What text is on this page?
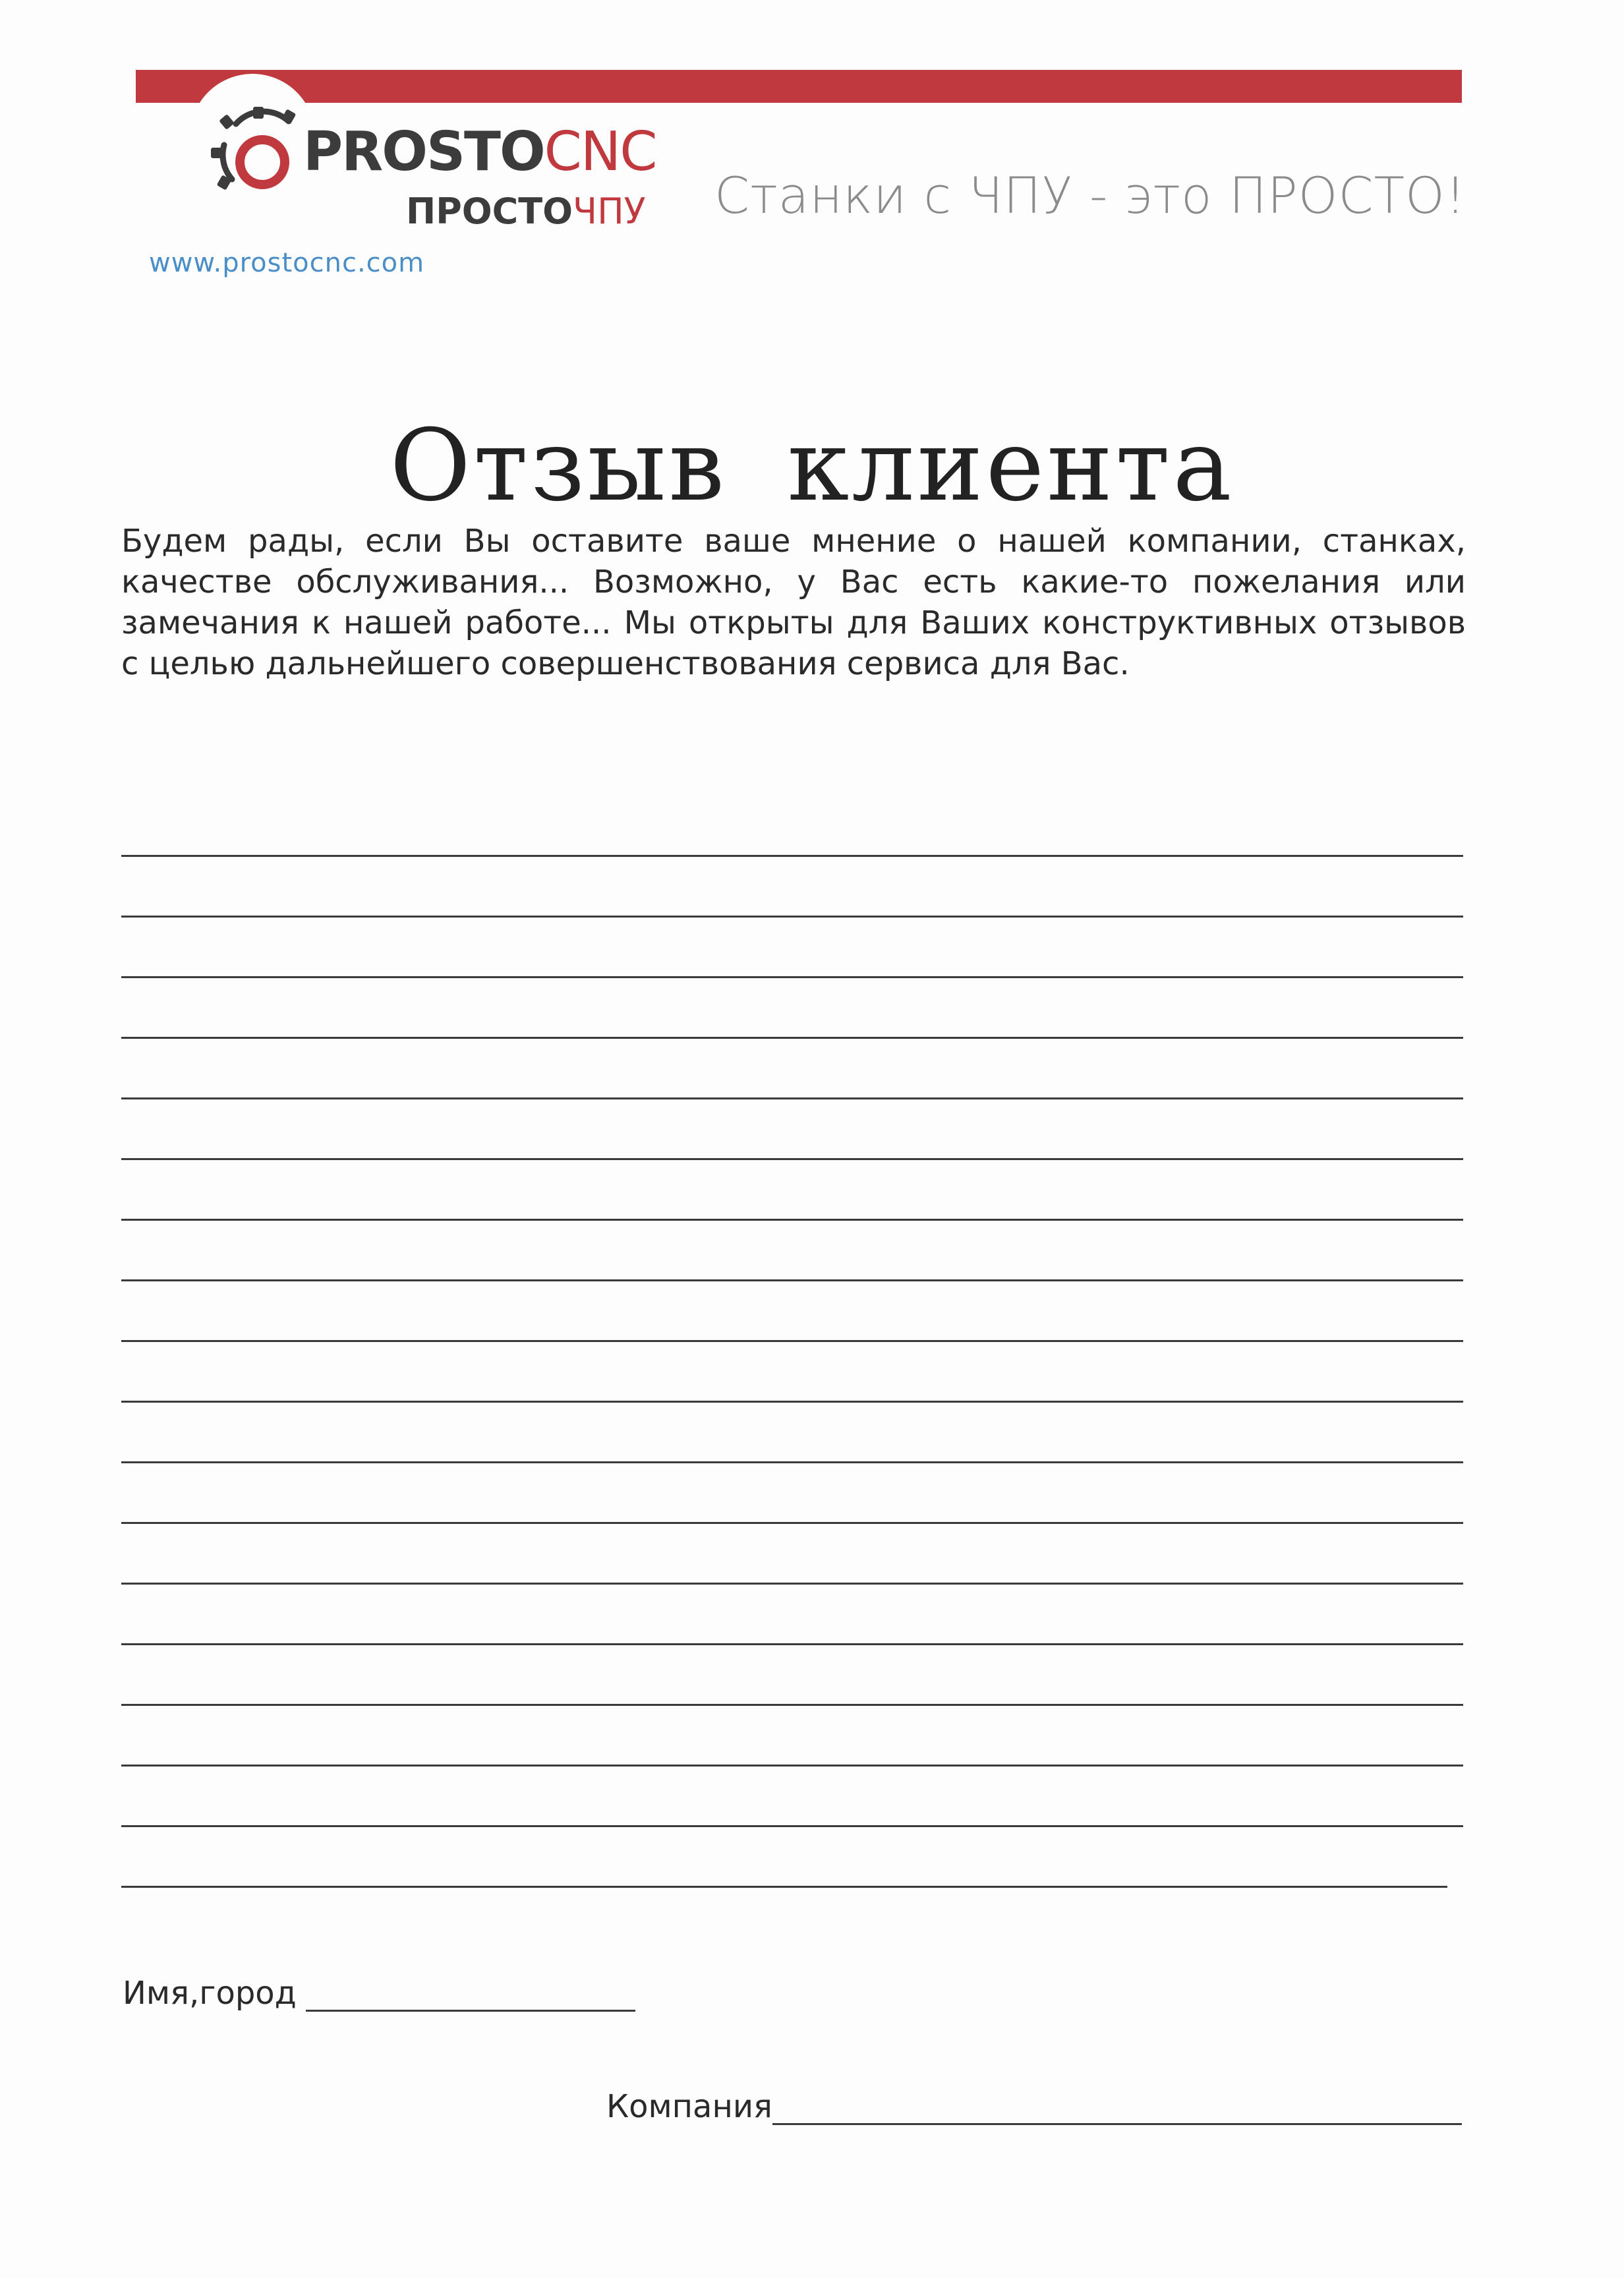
PROSTOCNC
ПРОСТОЧПУ
www.prostocnc.com
Станки с ЧПУ - это ПРОСТО!
Отзыв клиента
Будем рады, если Вы оставите ваше мнение о нашей компании, станках, качестве обслуживания... Возможно, у Вас есть какие-то пожелания или замечания к нашей работе... Мы открыты для Ваших конструктивных отзывов с целью дальнейшего совершенствования сервиса для Вас.
Имя,город
Компания
